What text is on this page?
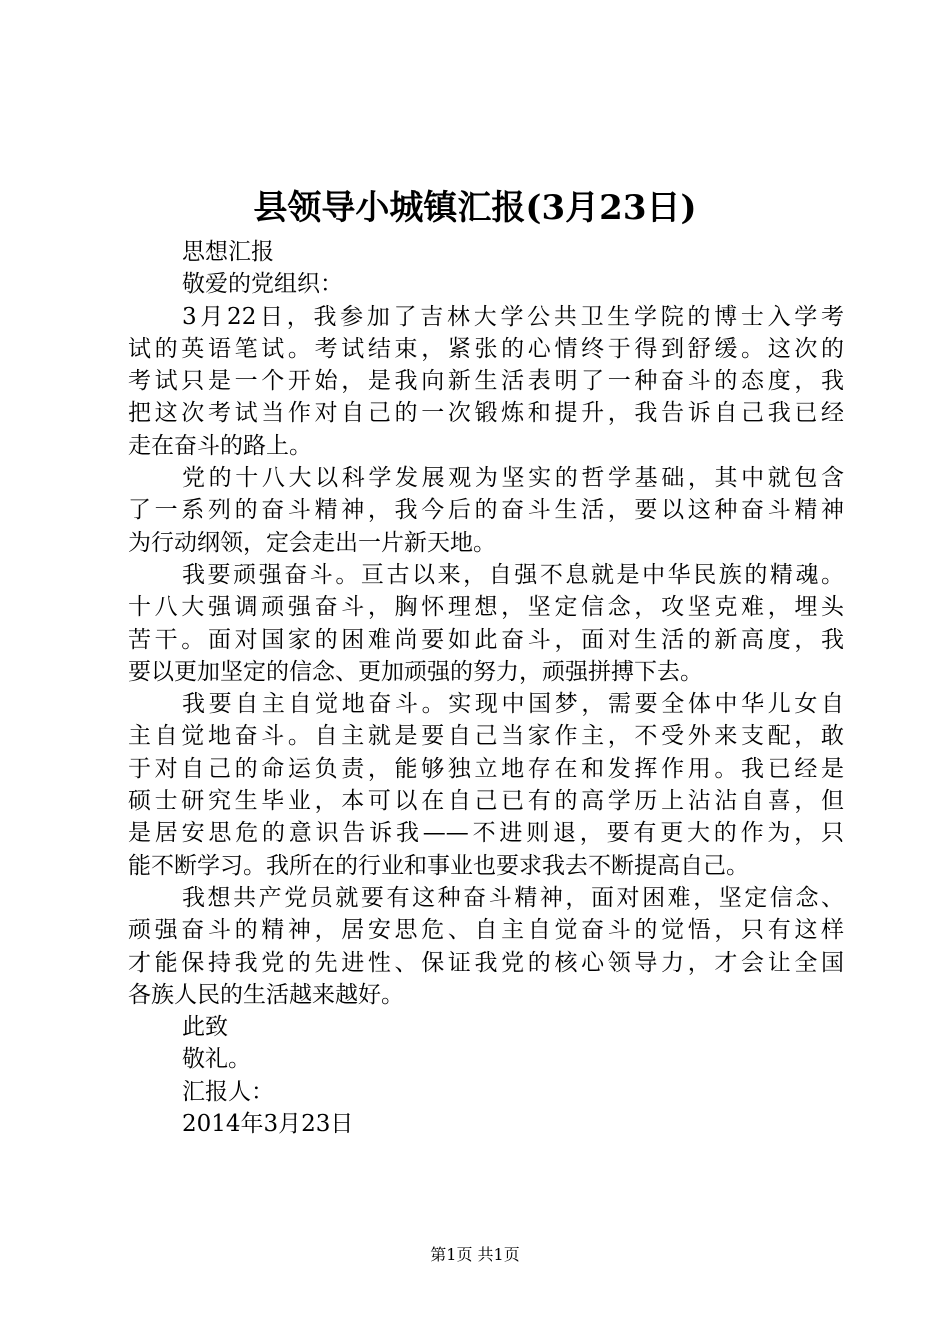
县领导小城镇汇报(3月23日)
思想汇报
敬爱的党组织：
3月22日，我参加了吉林大学公共卫生学院的博士入学考
试的英语笔试。考试结束，紧张的心情终于得到舒缓。这次的
考试只是一个开始，是我向新生活表明了一种奋斗的态度，我
把这次考试当作对自己的一次锻炼和提升，我告诉自己我已经
走在奋斗的路上。
党的十八大以科学发展观为坚实的哲学基础，其中就包含
了一系列的奋斗精神，我今后的奋斗生活，要以这种奋斗精神
为行动纲领，定会走出一片新天地。
我要顽强奋斗。亘古以来，自强不息就是中华民族的精魂。
十八大强调顽强奋斗，胸怀理想，坚定信念，攻坚克难，埋头
苦干。面对国家的困难尚要如此奋斗，面对生活的新高度，我
要以更加坚定的信念、更加顽强的努力，顽强拼搏下去。
我要自主自觉地奋斗。实现中国梦，需要全体中华儿女自
主自觉地奋斗。自主就是要自己当家作主，不受外来支配，敢
于对自己的命运负责，能够独立地存在和发挥作用。我已经是
硕士研究生毕业，本可以在自己已有的高学历上沾沾自喜，但
是居安思危的意识告诉我——不进则退，要有更大的作为，只
能不断学习。我所在的行业和事业也要求我去不断提高自己。
我想共产党员就要有这种奋斗精神，面对困难，坚定信念、
顽强奋斗的精神，居安思危、自主自觉奋斗的觉悟，只有这样
才能保持我党的先进性、保证我党的核心领导力，才会让全国
各族人民的生活越来越好。
此致
敬礼。
汇报人：
2014年3月23日
第1页 共1页
